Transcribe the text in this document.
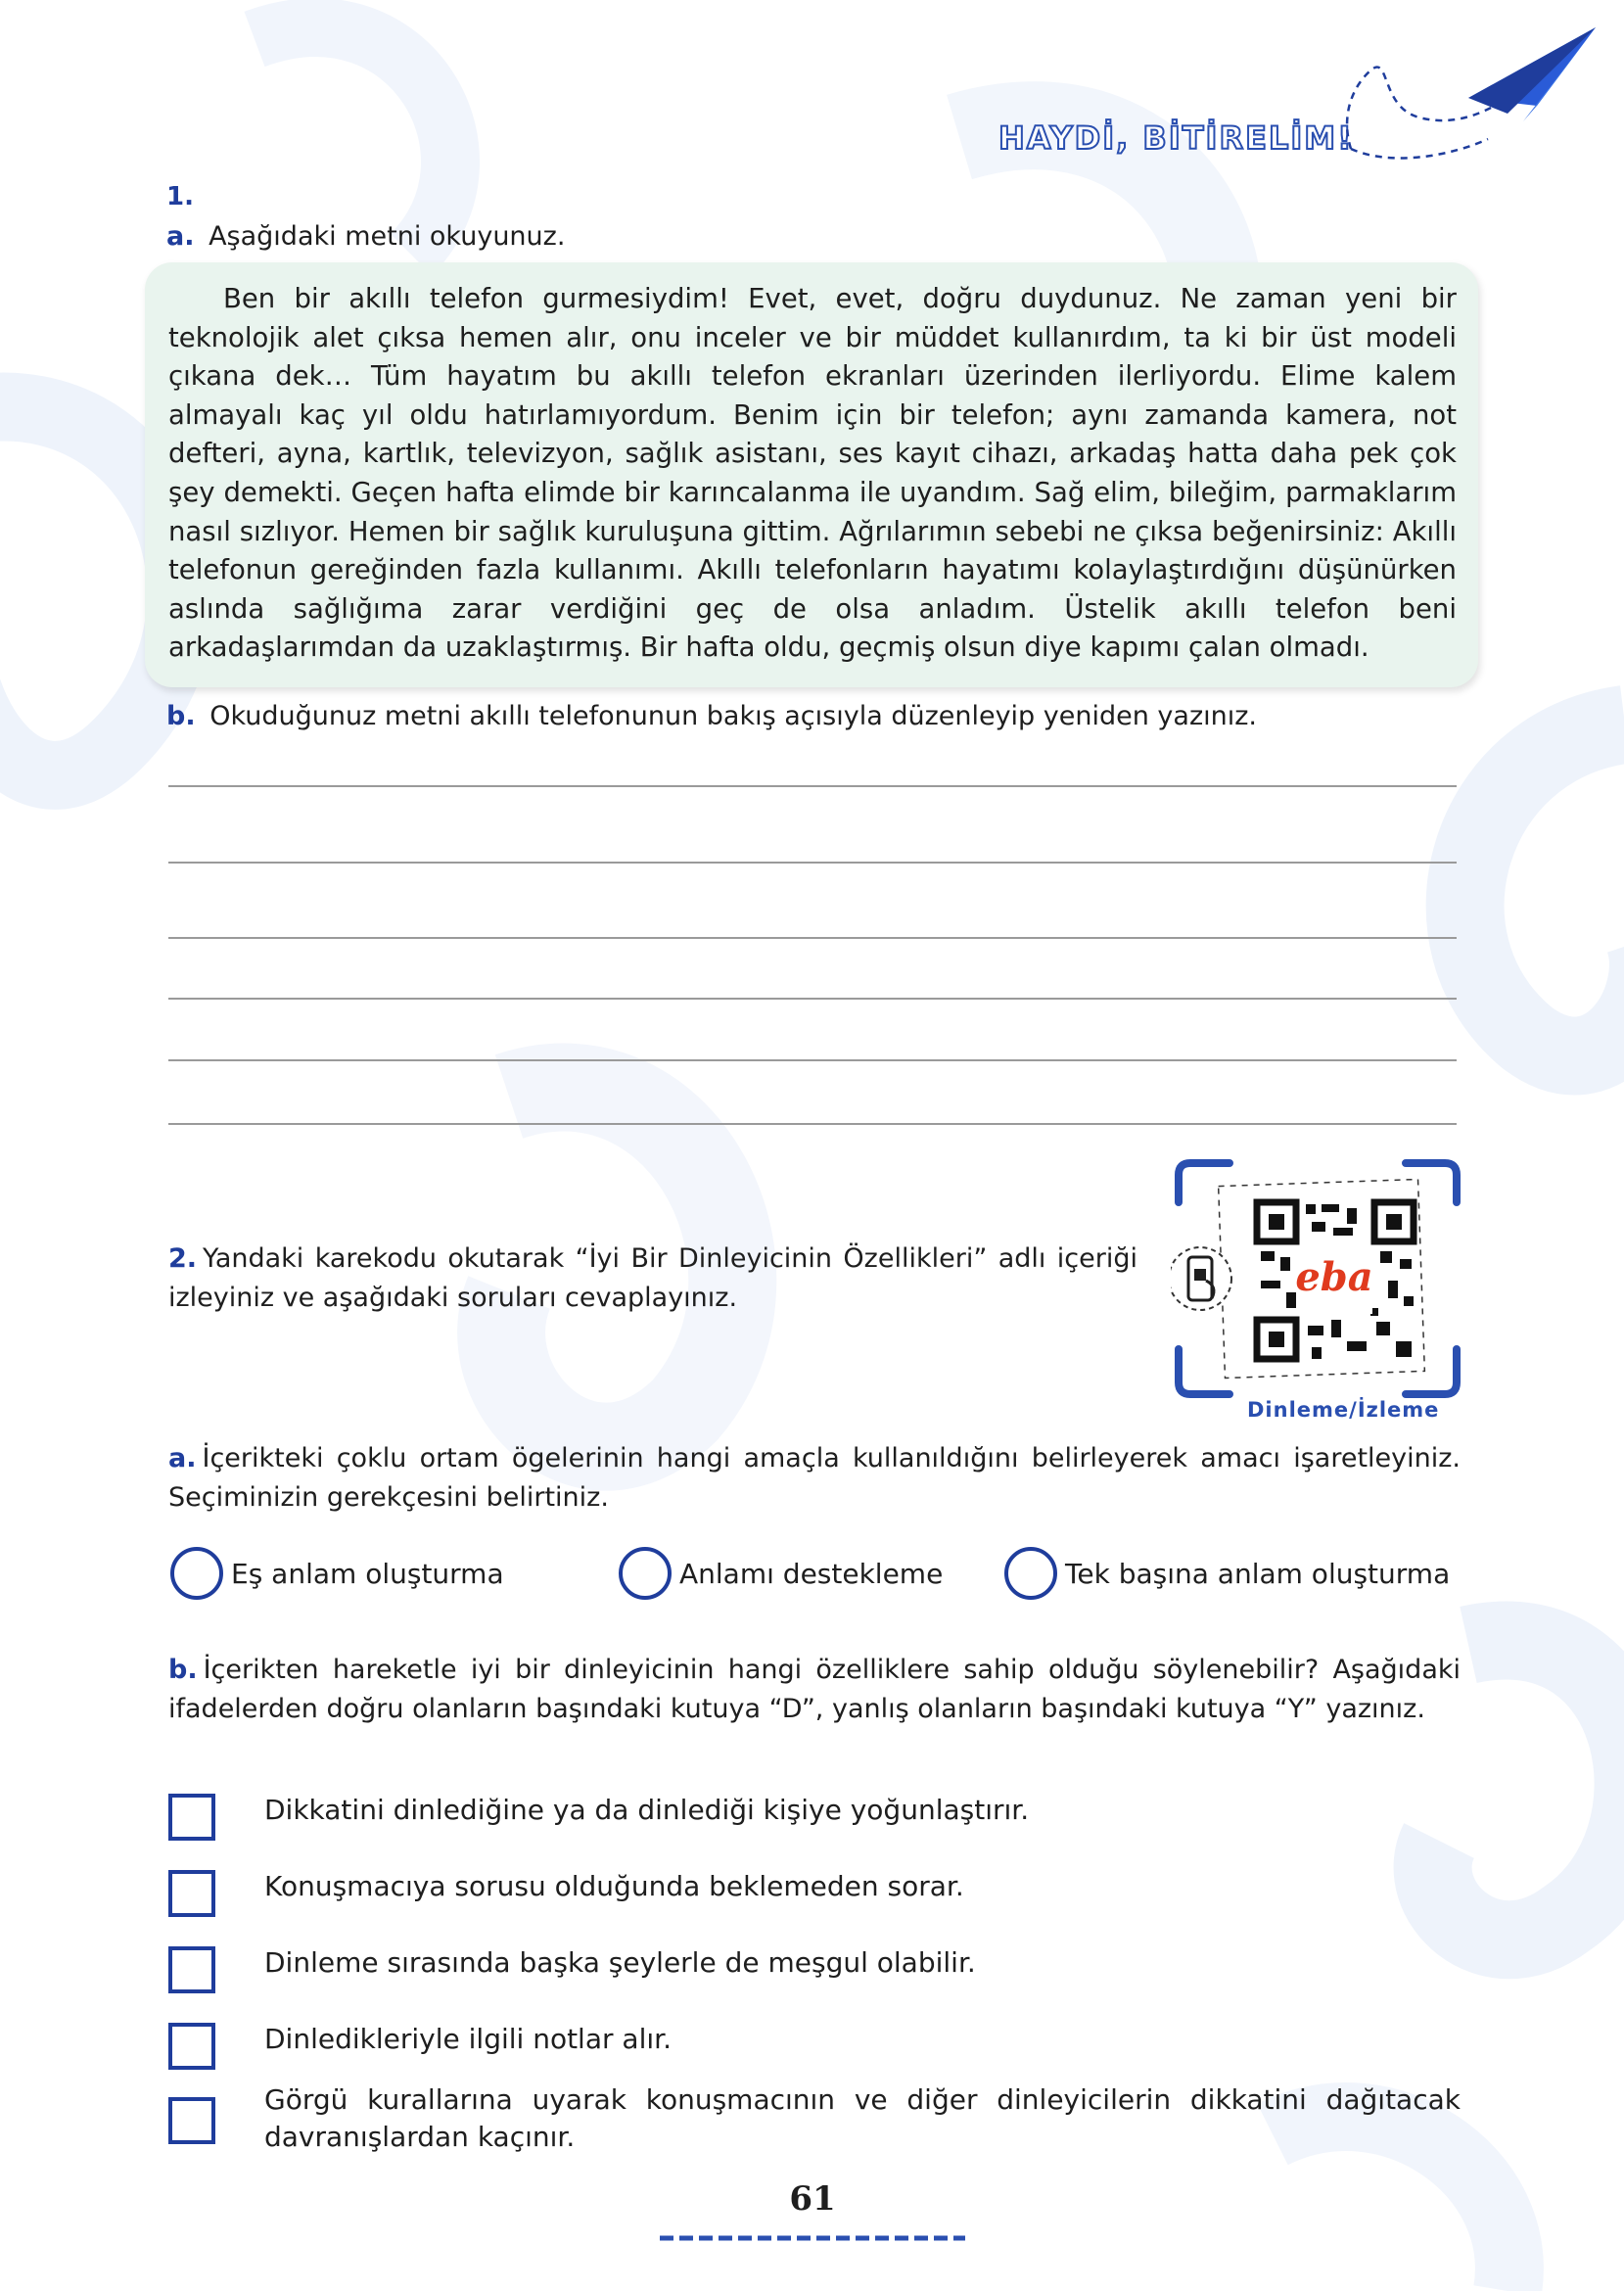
HAYDİ, BİTİRELİM!
1.
a. Aşağıdaki metni okuyunuz.
Ben bir akıllı telefon gurmesiydim! Evet, evet, doğru duydunuz. Ne zaman yeni bir teknolojik alet çıksa hemen alır, onu inceler ve bir müddet kullanırdım, ta ki bir üst modeli çıkana dek… Tüm hayatım bu akıllı telefon ekranları üzerinden ilerliyordu. Elime kalem almayalı kaç yıl oldu hatırlamıyordum. Benim için bir telefon; aynı zamanda kamera, not defteri, ayna, kartlık, televizyon, sağlık asistanı, ses kayıt cihazı, arkadaş hatta daha pek çok şey demekti. Geçen hafta elimde bir karıncalanma ile uyandım. Sağ elim, bileğim, parmaklarım nasıl sızlıyor. Hemen bir sağlık kuruluşuna gittim. Ağrılarımın sebebi ne çıksa beğenirsiniz: Akıllı telefonun gereğinden fazla kullanımı. Akıllı telefonların hayatımı kolaylaştırdığını düşünürken aslında sağlığıma zarar verdiğini geç de olsa anladım. Üstelik akıllı telefon beni arkadaşlarımdan da uzaklaştırmış. Bir hafta oldu, geçmiş olsun diye kapımı çalan olmadı.
b. Okuduğunuz metni akıllı telefonunun bakış açısıyla düzenleyip yeniden yazınız.
2. Yandaki karekodu okutarak “İyi Bir Dinleyicinin Özellikleri” adlı içeriği izleyiniz ve aşağıdaki soruları cevaplayınız.	eba
Dinleme/İzleme
a. İçerikteki çoklu ortam ögelerinin hangi amaçla kullanıldığını belirleyerek amacı işaretleyiniz. Seçiminizin gerekçesini belirtiniz.
Eş anlam oluşturma	Anlamı destekleme	Tek başına anlam oluşturma
b. İçerikten hareketle iyi bir dinleyicinin hangi özelliklere sahip olduğu söylenebilir? Aşağıdaki ifadelerden doğru olanların başındaki kutuya “D”, yanlış olanların başındaki kutuya “Y” yazınız.
Dikkatini dinlediğine ya da dinlediği kişiye yoğunlaştırır.
Konuşmacıya sorusu olduğunda beklemeden sorar.
Dinleme sırasında başka şeylerle de meşgul olabilir.
Dinledikleriyle ilgili notlar alır.
Görgü kurallarına uyarak konuşmacının ve diğer dinleyicilerin dikkatini dağıtacak davranışlardan kaçınır.
61
